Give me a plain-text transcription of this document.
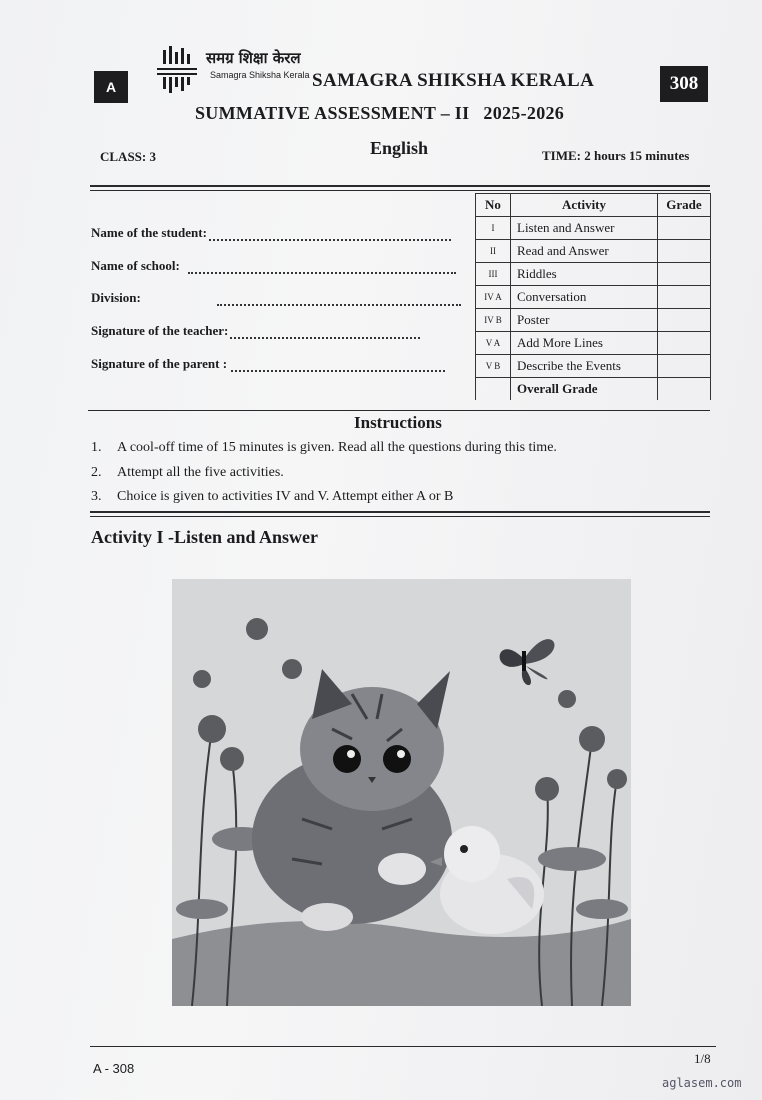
A
समग्र शिक्षा केरल
Samagra Shiksha Kerala SAMAGRA SHIKSHA KERALA	308
SUMMATIVE ASSESSMENT – II 2025-2026
CLASS: 3	English	TIME: 2 hours 15 minutes
Name of the student:
Name of school:
Division:
Signature of the teacher:
Signature of the parent :
No	Activity	Grade
I	Listen and Answer	
II	Read and Answer	
III	Riddles	
IV A	Conversation	
IV B	Poster	
V A	Add More Lines	
V B	Describe the Events	
	Overall Grade	
Instructions
1. A cool-off time of 15 minutes is given. Read all the questions during this time.
2. Attempt all the five activities.
3. Choice is given to activities IV and V. Attempt either A or B
Activity I -Listen and Answer
A - 308
1/8
aglasem.com
